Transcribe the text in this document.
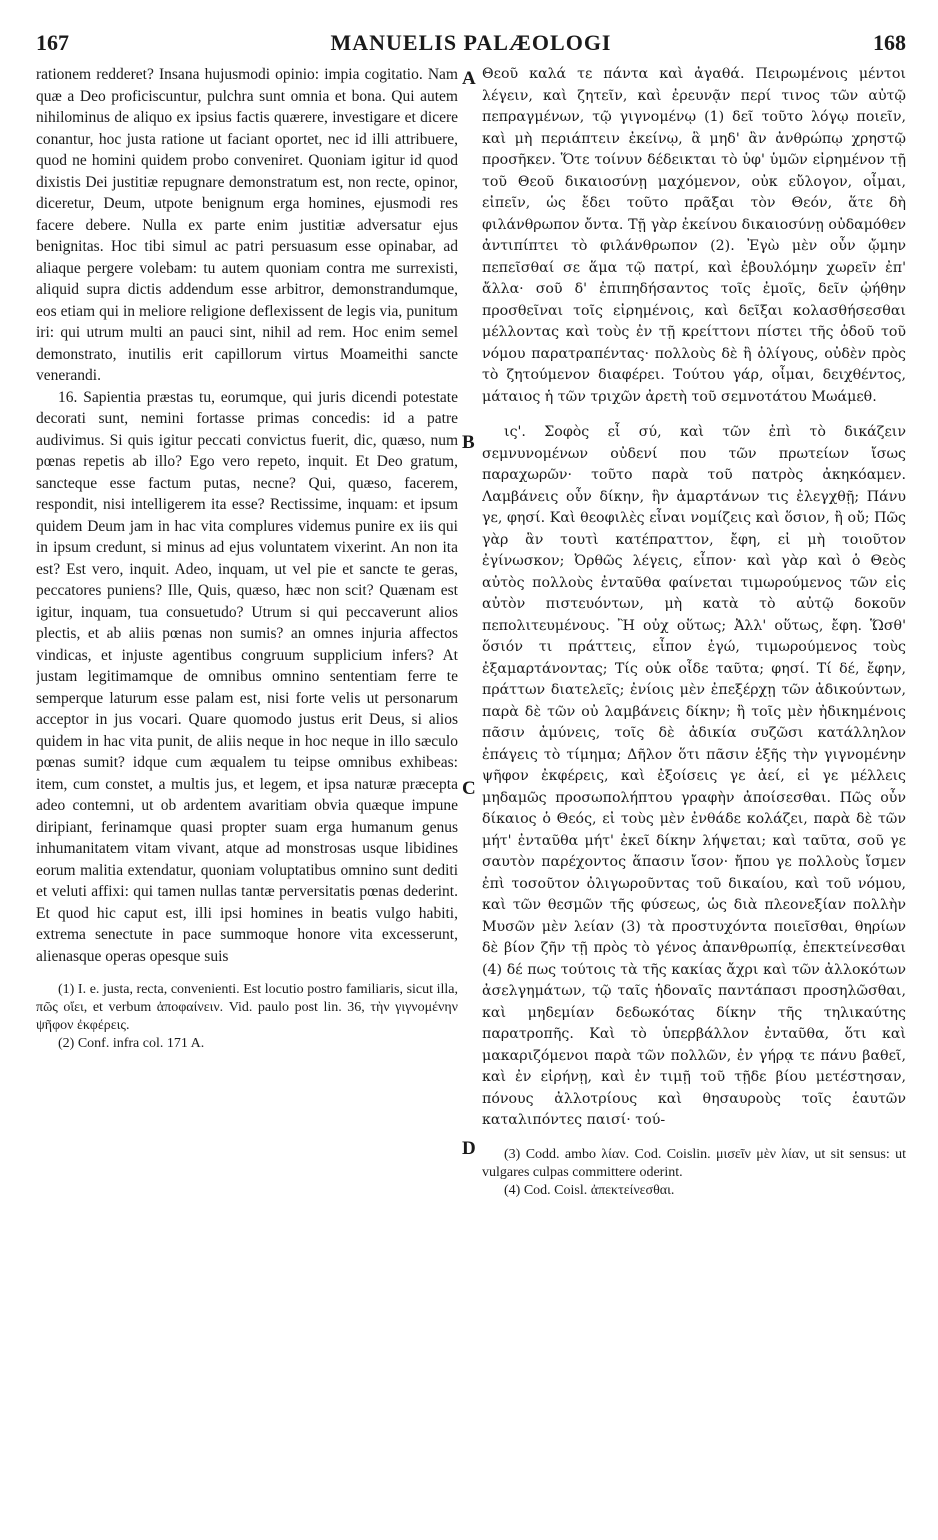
167	MANUELIS PALÆOLOGI	168

rationem redderet? Insana hujusmodi opinio: impia cogitatio. Nam quæ a Deo proficiscuntur, pulchra sunt omnia et bona. Qui autem nihilominus de aliquo ex ipsius factis quærere, investigare et dicere conantur, hoc justa ratione ut faciant oportet, nec id illi attribuere, quod ne homini quidem probo conveniret. Quoniam igitur id quod dixistis Dei justitiæ repugnare demonstratum est, non recte, opinor, diceretur, Deum, utpote benignum erga homines, ejusmodi res facere debere. Nulla ex parte enim justitiæ adversatur ejus benignitas. Hoc tibi simul ac patri persuasum esse opinabar, ad aliaque pergere volebam: tu autem quoniam contra me surrexisti, aliquid supra dictis addendum esse arbitror, demonstrandumque, eos etiam qui in meliore religione deflexissent de legis via, punitum iri: qui utrum multi an pauci sint, nihil ad rem. Hoc enim semel demonstrato, inutilis erit capillorum virtus Moameithi sancte venerandi.

16. Sapientia præstas tu, eorumque, qui juris dicendi potestate decorati sunt, nemini fortasse primas concedis: id a patre audivimus. Si quis igitur peccati convictus fuerit, dic, quæso, num pœnas repetis ab illo? Ego vero repeto, inquit. Et Deo gratum, sancteque esse factum putas, necne? Qui, quæso, facerem, respondit, nisi intelligerem ita esse? Rectissime, inquam: et ipsum quidem Deum jam in hac vita complures videmus punire ex iis qui in ipsum credunt, si minus ad ejus voluntatem vixerint. An non ita est? Est vero, inquit. Adeo, inquam, ut vel pie et sancte te geras, peccatores puniens? Ille, Quis, quæso, hæc non scit? Quænam est igitur, inquam, tua consuetudo? Utrum si qui peccaverunt alios plectis, et ab aliis pœnas non sumis? an omnes injuria affectos vindicas, et injuste agentibus congruum supplicium infers? At justam legitimamque de omnibus omnino sententiam ferre te semperque laturum esse palam est, nisi forte velis ut personarum acceptor in jus vocari. Quare quomodo justus erit Deus, si alios quidem in hac vita punit, de aliis neque in hoc neque in illo sæculo pœnas sumit? idque cum æqualem tu teipse omnibus exhibeas: item, cum constet, a multis jus, et legem, et ipsa naturæ præcepta adeo contemni, ut ob ardentem avaritiam obvia quæque impune diripiant, ferinamque quasi propter suam erga humanum genus inhumanitatem vitam vivant, atque ad monstrosas usque libidines eorum malitia extendatur, quoniam voluptatibus omnino sunt dediti et veluti affixi: qui tamen nullas tantæ perversitatis pœnas dederint. Et quod hic caput est, illi ipsi homines in beatis vulgo habiti, extrema senectute in pace summoque honore vita excesserunt, alienasque operas opesque suis

(1) I. e. justa, recta, convenienti. Est locutio postro familiaris, sicut illa, πῶς οἴει, et verbum ἀποφαίνειν. Vid. paulo post lin. 36, τὴν γιγνομένην ψῆφον ἐκφέρεις.

(2) Conf. infra col. 171 A.

A
B
C
D

Θεοῦ καλά τε πάντα καὶ ἀγαθά. Πειρωμένοις μέντοι λέγειν, καὶ ζητεῖν, καὶ ἐρευνᾷν περί τινος τῶν αὐτῷ πεπραγμένων, τῷ γιγνομένῳ (1) δεῖ τοῦτο λόγῳ ποιεῖν, καὶ μὴ περιάπτειν ἐκείνῳ, ἃ μηδ' ἂν ἀνθρώπῳ χρηστῷ προσῆκεν. Ὅτε τοίνυν δέδεικται τὸ ὑφ' ὑμῶν εἰρημένον τῇ τοῦ Θεοῦ δικαιοσύνῃ μαχόμενον, οὐκ εὔλογον, οἶμαι, εἰπεῖν, ὡς ἔδει τοῦτο πρᾶξαι τὸν Θεόν, ἅτε δὴ φιλάνθρωπον ὄντα. Τῇ γὰρ ἐκείνου δικαιοσύνῃ οὐδαμόθεν ἀντιπίπτει τὸ φιλάνθρωπον (2). Ἐγὼ μὲν οὖν ᾤμην πεπεῖσθαί σε ἅμα τῷ πατρί, καὶ ἐβουλόμην χωρεῖν ἐπ' ἄλλα· σοῦ δ' ἐπιπηδήσαντος τοῖς ἐμοῖς, δεῖν ᾠήθην προσθεῖναι τοῖς εἰρημένοις, καὶ δεῖξαι κολασθήσεσθαι μέλλοντας καὶ τοὺς ἐν τῇ κρείττονι πίστει τῆς ὁδοῦ τοῦ νόμου παρατραπέντας· πολλοὺς δὲ ἢ ὀλίγους, οὐδὲν πρὸς τὸ ζητούμενον διαφέρει. Τούτου γάρ, οἶμαι, δειχθέντος, μάταιος ἡ τῶν τριχῶν ἀρετὴ τοῦ σεμνοτάτου Μωάμεθ.

ις'. Σοφὸς εἶ σύ, καὶ τῶν ἐπὶ τὸ δικάζειν σεμνυνομένων οὐδενί που τῶν πρωτείων ἴσως παραχωρῶν· τοῦτο παρὰ τοῦ πατρὸς ἀκηκόαμεν. Λαμβάνεις οὖν δίκην, ἣν ἁμαρτάνων τις ἐλεγχθῇ; Πάνυ γε, φησί. Καὶ θεοφιλὲς εἶναι νομίζεις καὶ ὅσιον, ἢ οὔ; Πῶς γὰρ ἂν τουτὶ κατέπραττον, ἔφη, εἰ μὴ τοιοῦτον ἐγίνωσκον; Ὀρθῶς λέγεις, εἶπον· καὶ γὰρ καὶ ὁ Θεὸς αὐτὸς πολλοὺς ἐνταῦθα φαίνεται τιμωρούμενος τῶν εἰς αὐτὸν πιστευόντων, μὴ κατὰ τὸ αὐτῷ δοκοῦν πεπολιτευμένους. Ἢ οὐχ οὕτως; Ἀλλ' οὕτως, ἔφη. Ὥσθ' ὅσιόν τι πράττεις, εἶπον ἐγώ, τιμωρούμενος τοὺς ἐξαμαρτάνοντας; Τίς οὐκ οἶδε ταῦτα; φησί. Τί δέ, ἔφην, πράττων διατελεῖς; ἐνίοις μὲν ἐπεξέρχῃ τῶν ἀδικούντων, παρὰ δὲ τῶν οὐ λαμβάνεις δίκην; ἢ τοῖς μὲν ἠδικημένοις πᾶσιν ἀμύνεις, τοῖς δὲ ἀδικία συζῶσι κατάλληλον ἐπάγεις τὸ τίμημα; Δῆλον ὅτι πᾶσιν ἑξῆς τὴν γιγνομένην ψῆφον ἐκφέρεις, καὶ ἐξοίσεις γε ἀεί, εἰ γε μέλλεις μηδαμῶς προσωπολήπτου γραφὴν ἀποίσεσθαι. Πῶς οὖν δίκαιος ὁ Θεός, εἰ τοὺς μὲν ἐνθάδε κολάζει, παρὰ δὲ τῶν μήτ' ἐνταῦθα μήτ' ἐκεῖ δίκην λήψεται; καὶ ταῦτα, σοῦ γε σαυτὸν παρέχοντος ἅπασιν ἴσον· ἤπου γε πολλοὺς ἴσμεν ἐπὶ τοσοῦτον ὀλιγωροῦντας τοῦ δικαίου, καὶ τοῦ νόμου, καὶ τῶν θεσμῶν τῆς φύσεως, ὡς διὰ πλεονεξίαν πολλὴν Μυσῶν μὲν λείαν (3) τὰ προστυχόντα ποιεῖσθαι, θηρίων δὲ βίον ζῆν τῇ πρὸς τὸ γένος ἀπανθρωπίᾳ, ἐπεκτείνεσθαι (4) δέ πως τούτοις τὰ τῆς κακίας ἄχρι καὶ τῶν ἀλλοκότων ἀσελγημάτων, τῷ ταῖς ἡδοναῖς παντάπασι προσηλῶσθαι, καὶ μηδεμίαν δεδωκότας δίκην τῆς τηλικαύτης παρατροπῆς. Καὶ τὸ ὑπερβάλλον ἐνταῦθα, ὅτι καὶ μακαριζόμενοι παρὰ τῶν πολλῶν, ἐν γήρᾳ τε πάνυ βαθεῖ, καὶ ἐν εἰρήνῃ, καὶ ἐν τιμῇ τοῦ τῇδε βίου μετέστησαν, πόνους ἀλλοτρίους καὶ θησαυροὺς τοῖς ἑαυτῶν καταλιπόντες παισί· τού-

(3) Codd. ambo λίαν. Cod. Coislin. μισεῖν μὲν λίαν, ut sit sensus: ut vulgares culpas committere oderint.

(4) Cod. Coisl. ἀπεκτείνεσθαι.
